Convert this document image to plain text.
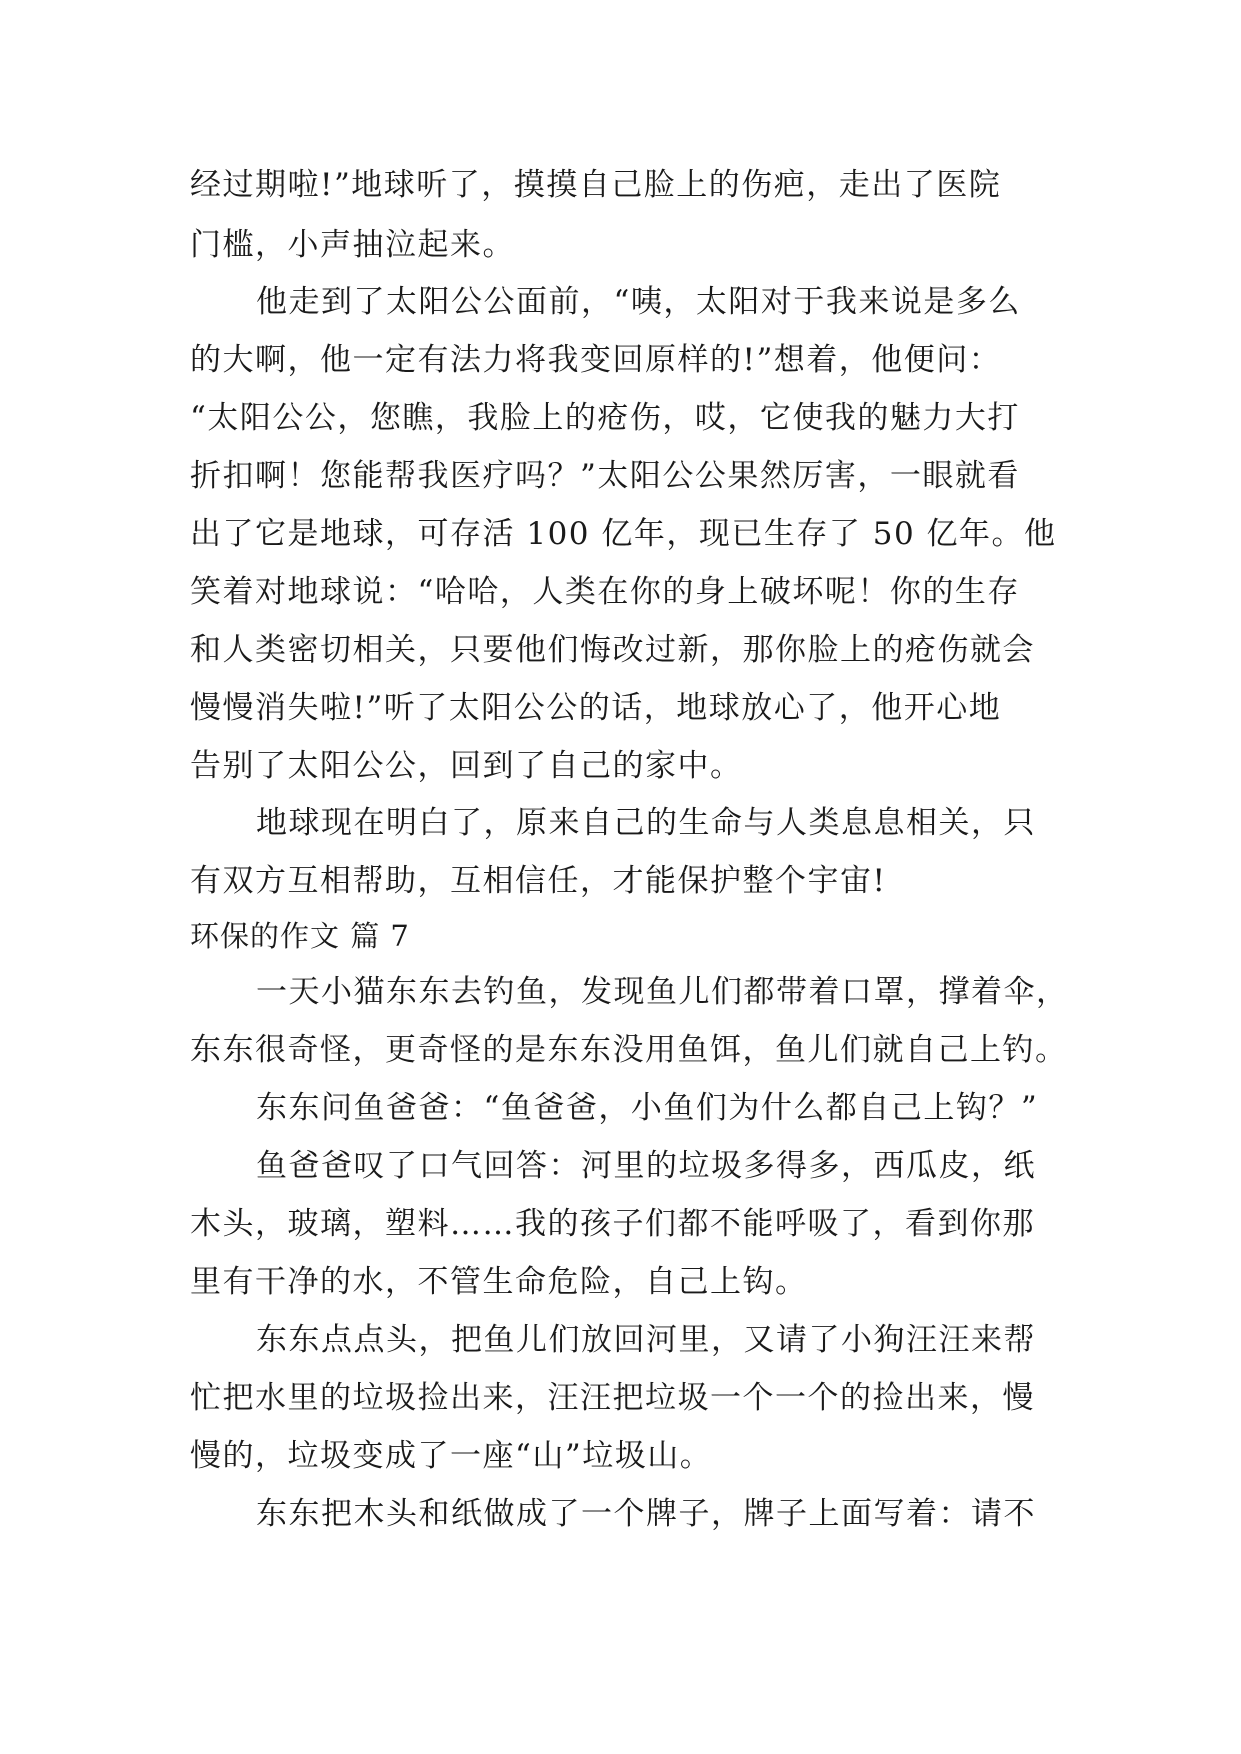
经过期啦!”地球听了，摸摸自己脸上的伤疤，走出了医院
门槛，小声抽泣起来。
他走到了太阳公公面前，“咦，太阳对于我来说是多么
的大啊，他一定有法力将我变回原样的!”想着，他便问：
“太阳公公，您瞧，我脸上的疮伤，哎，它使我的魅力大打
折扣啊！您能帮我医疗吗？”太阳公公果然厉害，一眼就看
出了它是地球，可存活 100 亿年，现已生存了 50 亿年。他
笑着对地球说：“哈哈，人类在你的身上破坏呢！你的生存
和人类密切相关，只要他们悔改过新，那你脸上的疮伤就会
慢慢消失啦!”听了太阳公公的话，地球放心了，他开心地
告别了太阳公公，回到了自己的家中。
地球现在明白了，原来自己的生命与人类息息相关，只
有双方互相帮助，互相信任，才能保护整个宇宙!
环保的作文 篇 7
一天小猫东东去钓鱼，发现鱼儿们都带着口罩，撑着伞，
东东很奇怪，更奇怪的是东东没用鱼饵，鱼儿们就自己上钓。
东东问鱼爸爸：“鱼爸爸，小鱼们为什么都自己上钩？”
鱼爸爸叹了口气回答：河里的垃圾多得多，西瓜皮，纸
木头，玻璃，塑料……我的孩子们都不能呼吸了，看到你那
里有干净的水，不管生命危险，自己上钩。
东东点点头，把鱼儿们放回河里，又请了小狗汪汪来帮
忙把水里的垃圾捡出来，汪汪把垃圾一个一个的捡出来，慢
慢的，垃圾变成了一座“山”垃圾山。
东东把木头和纸做成了一个牌子，牌子上面写着：请不
